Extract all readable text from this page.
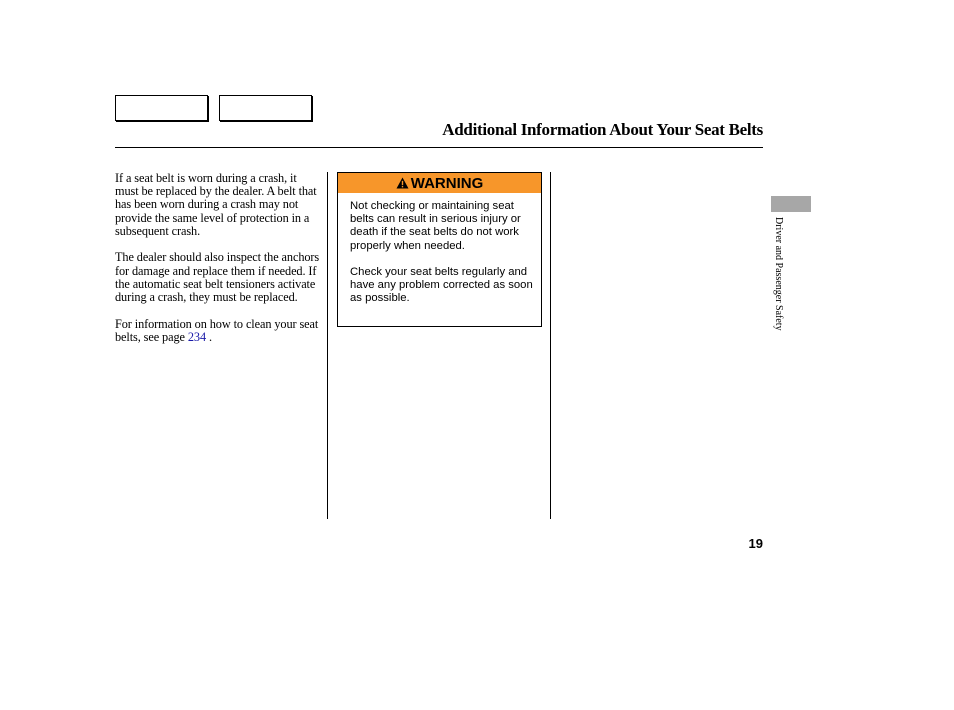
Additional Information About Your Seat Belts

If a seat belt is worn during a crash, it must be replaced by the dealer. A belt that has been worn during a crash may not provide the same level of protection in a subsequent crash.

The dealer should also inspect the anchors for damage and replace them if needed. If the automatic seat belt tensioners activate during a crash, they must be replaced.

For information on how to clean your seat belts, see page 234 .

WARNING

Not checking or maintaining seat belts can result in serious injury or death if the seat belts do not work properly when needed.

Check your seat belts regularly and have any problem corrected as soon as possible.	Driver and Passenger Safety
19
